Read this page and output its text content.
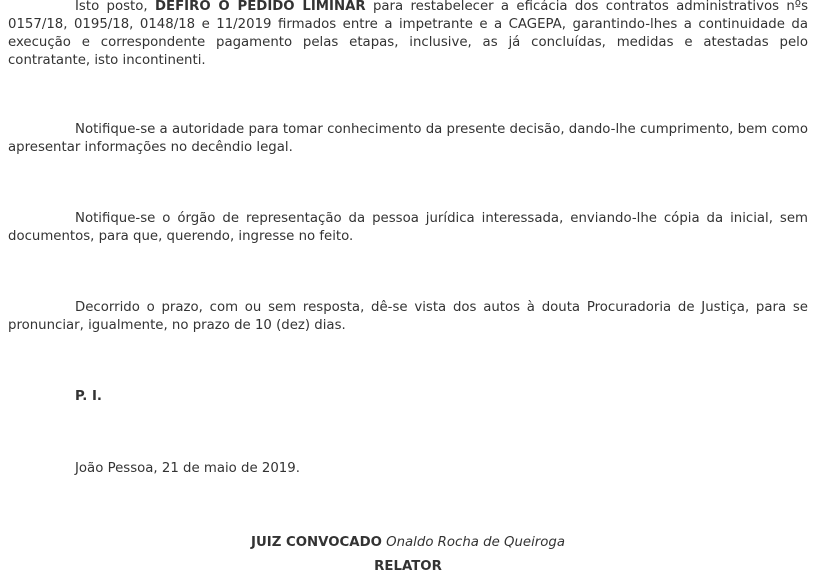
Isto posto, DEFIRO O PEDIDO LIMINAR para restabelecer a eficácia dos contratos administrativos nºs 0157/18, 0195/18, 0148/18 e 11/2019 firmados entre a impetrante e a CAGEPA, garantindo-lhes a continuidade da execução e correspondente pagamento pelas etapas, inclusive, as já concluídas, medidas e atestadas pelo contratante, isto incontinenti.

Notifique-se a autoridade para tomar conhecimento da presente decisão, dando-lhe cumprimento, bem como apresentar informações no decêndio legal.

Notifique-se o órgão de representação da pessoa jurídica interessada, enviando-lhe cópia da inicial, sem documentos, para que, querendo, ingresse no feito.

Decorrido o prazo, com ou sem resposta, dê-se vista dos autos à douta Procuradoria de Justiça, para se pronunciar, igualmente, no prazo de 10 (dez) dias.

P. I.

João Pessoa, 21 de maio de 2019.

JUIZ CONVOCADO Onaldo Rocha de Queiroga
RELATOR
